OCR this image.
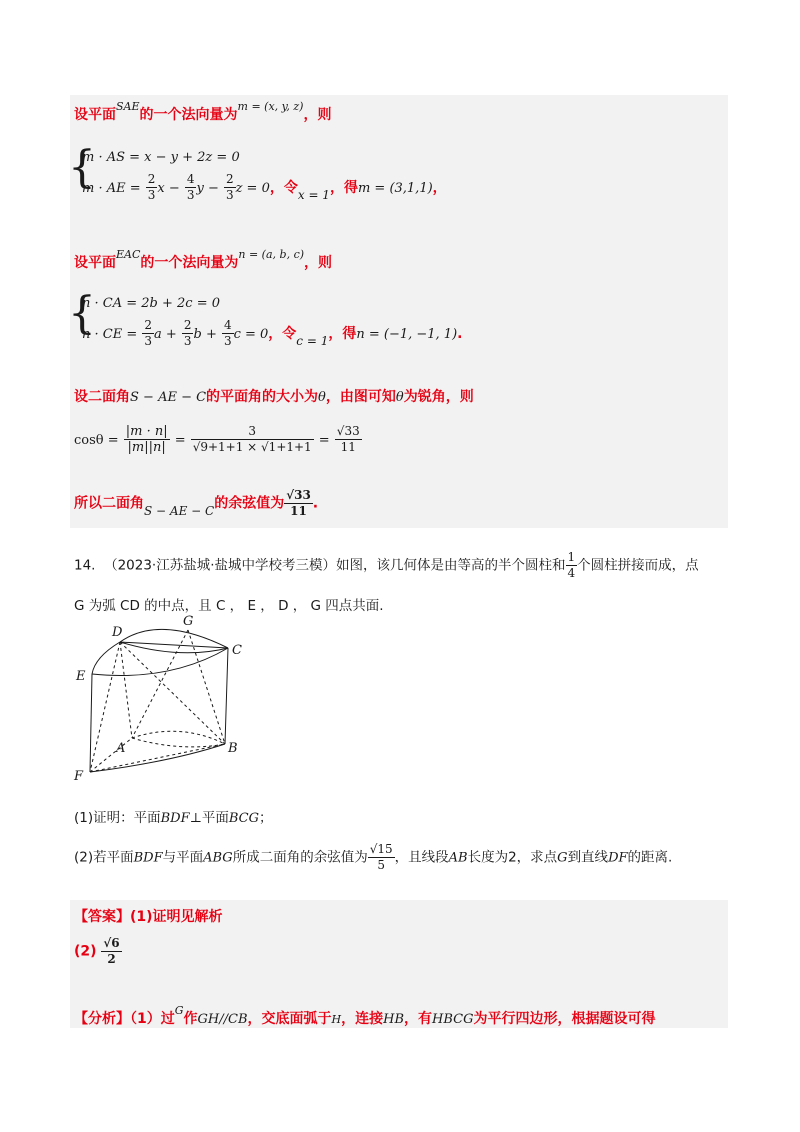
设平面$^{SAE}$的一个法向量为$^{m = (x, y, z)}$，则
{
m · AS = x − y + 2z = 0
m · AE = $\frac{2}{3}$ $x - \frac{4}{3}$ $y - \frac{2}{3}$ z = 0，令$_{x = 1}$，得m = (3,1,1)，
设平面$^{EAC}$的一个法向量为$^{n = (a, b, c)}$，则
{
n · CA = 2b + 2c = 0
n · CE = $\frac{2}{3}$ $a + \frac{2}{3}$ $b + \frac{4}{3}$ c = 0，令$_{c = 1}$，得n = (−1, −1, 1).
设二面角S − AE − C的平面角的大小为θ，由图可知θ为锐角，则
$\cos\theta = \frac{|m \cdot n|}{|m||n|} = \frac{3}{√9+1+1 \times √1+1+1} = \frac{√33}{11}$
所以二面角S − AE − C的余弦值为 $\frac{√33}{11}$ .
14. （2023·江苏盐城·盐城中学校考三模）如图，该几何体是由等高的半个圆柱和 $\frac{1}{4}$ 个圆柱拼接而成，点
G 为弧 CD 的中点，且 C ， E ， D ， G 四点共面.
D
G
C
E
A	B
F
(1)证明：平面BDF⊥平面BCG；
(2)若平面BDF与平面ABG所成二面角的余弦值为 $\frac{√15}{5}$ ，且线段AB长度为2，求点G到直线DF的距离.
【答案】(1)证明见解析
$(2) \frac{√6}{2}$
【分析】（1）过$^G$作GH//CB，交底面弧于H，连接HB，有HBCG为平行四边形，根据题设可得
